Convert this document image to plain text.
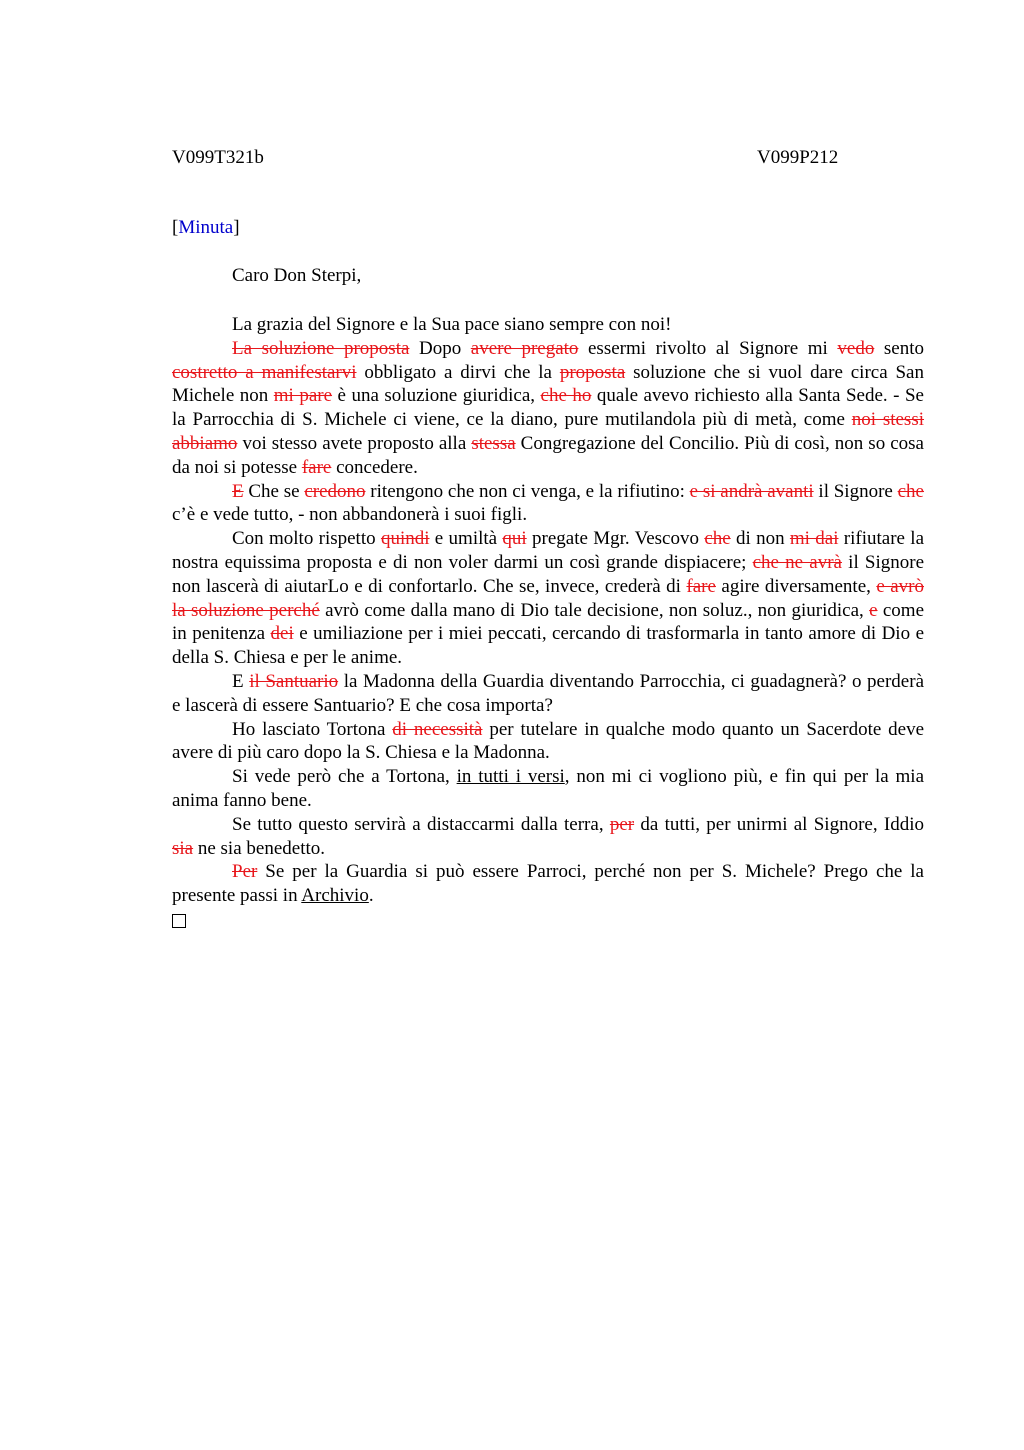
V099T321b	V099P212
[Minuta]
Caro Don Sterpi,

La grazia del Signore e la Sua pace siano sempre con noi!

La soluzione proposta Dopo avere pregato essermi rivolto al Signore mi vedo sento costretto a manifestarvi obbligato a dirvi che la proposta soluzione che si vuol dare circa San Michele non mi pare è una soluzione giuridica, che ho quale avevo richiesto alla Santa Sede. - Se la Parrocchia di S. Michele ci viene, ce la diano, pure mutilandola più di metà, come noi stessi abbiamo voi stesso avete proposto alla stessa Congregazione del Concilio. Più di così, non so cosa da noi si potesse fare concedere.

E Che se credono ritengono che non ci venga, e la rifiutino: e si andrà avanti il Signore che c’è e vede tutto, - non abbandonerà i suoi figli.

Con molto rispetto quindi e umiltà qui pregate Mgr. Vescovo che di non mi dai rifiutare la nostra equissima proposta e di non voler darmi un così grande dispiacere; che ne avrà il Signore non lascerà di aiutarLo e di confortarlo. Che se, invece, crederà di fare agire diversamente, e avrò la soluzione perché avrò come dalla mano di Dio tale decisione, non soluz., non giuridica, e come in penitenza dei e umiliazione per i miei peccati, cercando di trasformarla in tanto amore di Dio e della S. Chiesa e per le anime.

E il Santuario la Madonna della Guardia diventando Parrocchia, ci guadagnerà? o perderà e lascerà di essere Santuario? E che cosa importa?

Ho lasciato Tortona di necessità per tutelare in qualche modo quanto un Sacerdote deve avere di più caro dopo la S. Chiesa e la Madonna.

Si vede però che a Tortona, in tutti i versi, non mi ci vogliono più, e fin qui per la mia anima fanno bene.

Se tutto questo servirà a distaccarmi dalla terra, per da tutti, per unirmi al Signore, Iddio sia ne sia benedetto.

Per Se per la Guardia si può essere Parroci, perché non per S. Michele? Prego che la presente passi in Archivio.
